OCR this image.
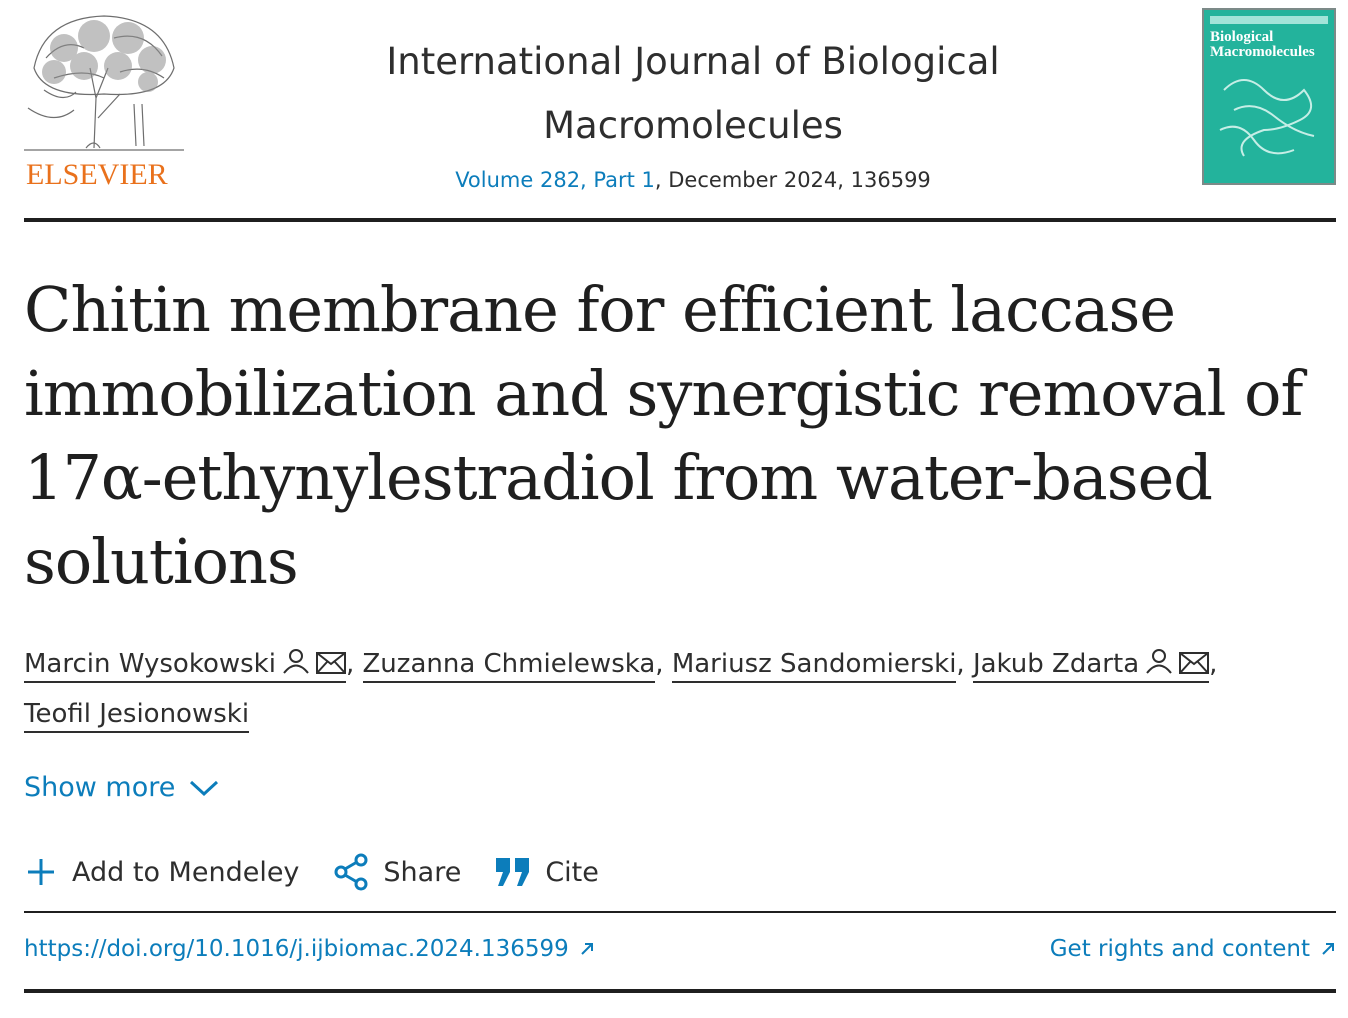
ELSEVIER
International Journal of Biological Macromolecules
Volume 282, Part 1, December 2024, 136599
Biological Macromolecules
Chitin membrane for efficient laccase immobilization and synergistic removal of 17α-ethynylestradiol from water-based solutions
Marcin Wysokowski	, Zuzanna Chmielewska, Mariusz Sandomierski, Jakub Zdarta	,
Teofil Jesionowski
Show more
Add to Mendeley	Share	Cite
https://doi.org/10.1016/j.ijbiomac.2024.136599	Get rights and content
